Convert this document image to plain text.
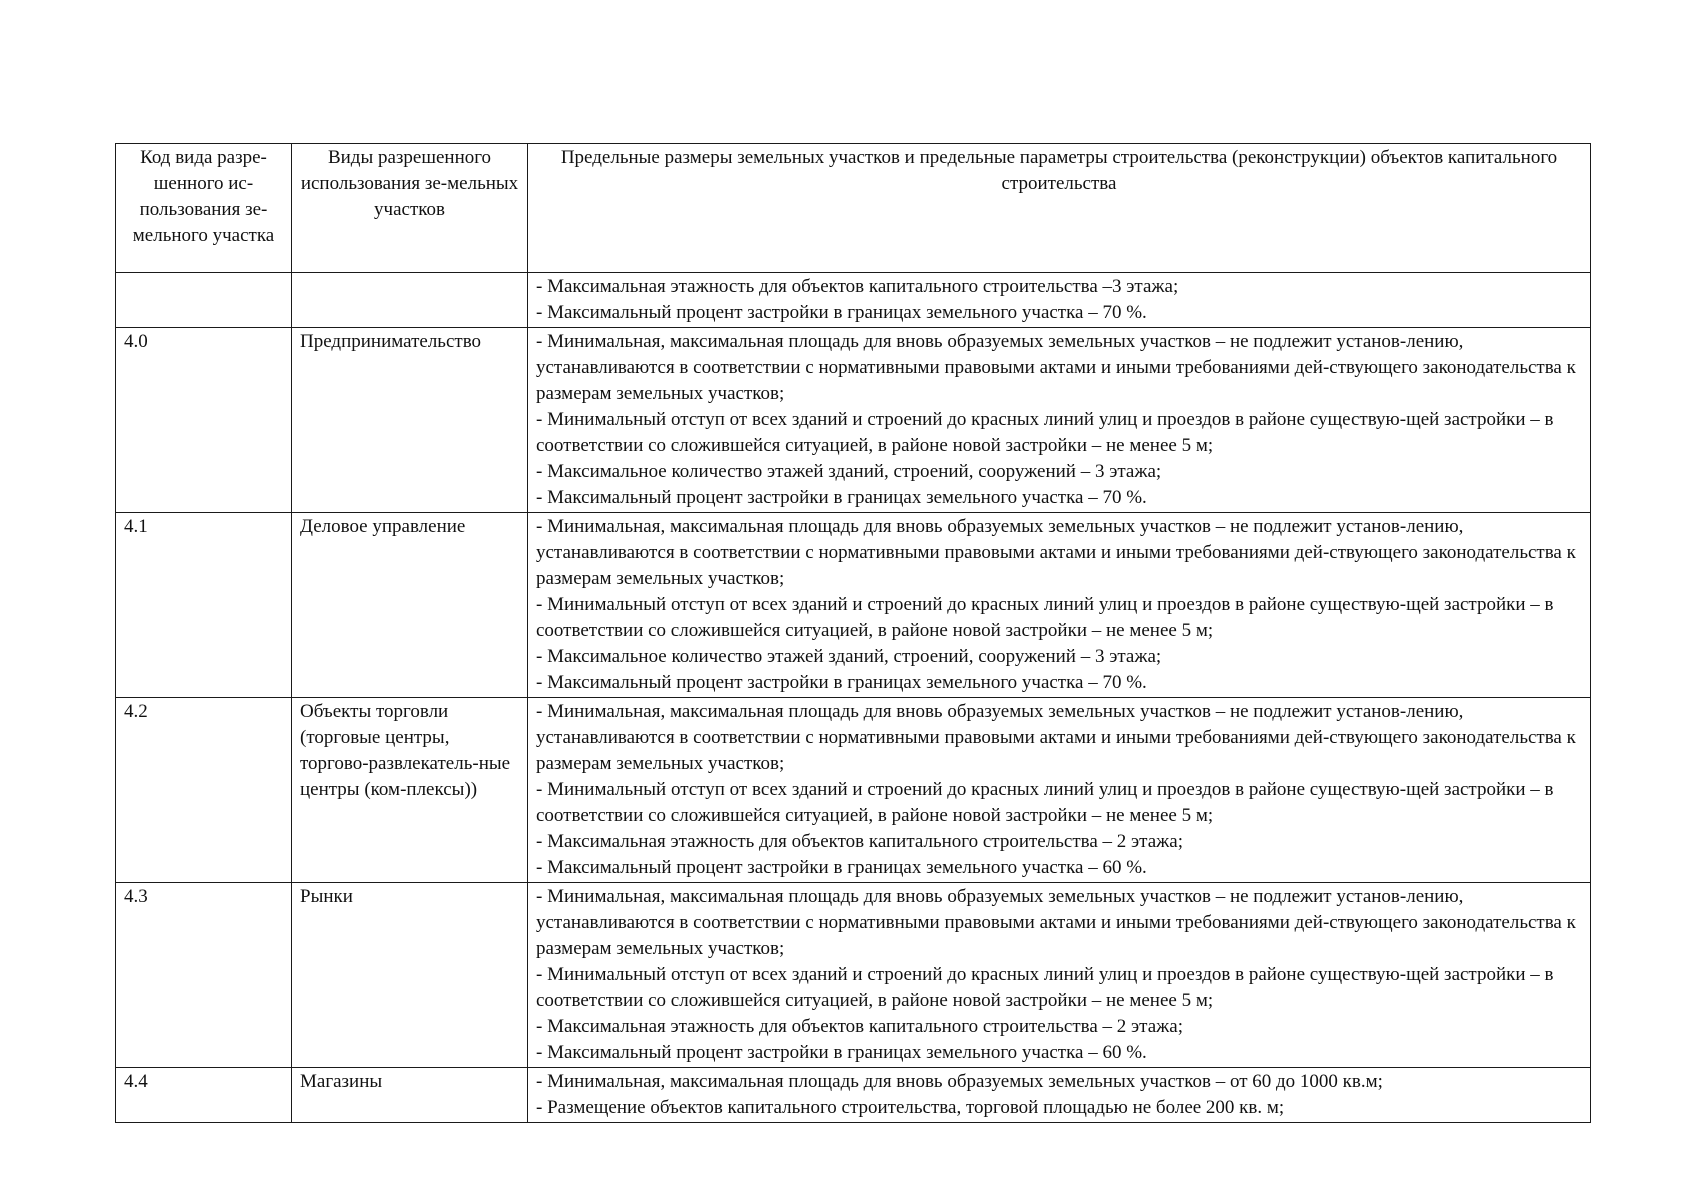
Код вида разре-шенного ис-пользования зе-мельного участка	Виды разрешенного использования зе-мельных участков	Предельные размеры земельных участков и предельные параметры строительства (реконструкции) объектов капитального строительства

		- Максимальная этажность для объектов капитального строительства –3 этажа;
- Максимальный процент застройки в границах земельного участка – 70 %.

4.0	Предпринимательство	- Минимальная, максимальная площадь для вновь образуемых земельных участков – не подлежит установ-лению, устанавливаются в соответствии с нормативными правовыми актами и иными требованиями дей-ствующего законодательства к размерам земельных участков;
- Минимальный отступ от всех зданий и строений до красных линий улиц и проездов в районе существую-щей застройки – в соответствии со сложившейся ситуацией, в районе новой застройки – не менее 5 м;
- Максимальное количество этажей зданий, строений, сооружений – 3 этажа;
- Максимальный процент застройки в границах земельного участка – 70 %.

4.1	Деловое управление	- Минимальная, максимальная площадь для вновь образуемых земельных участков – не подлежит установ-лению, устанавливаются в соответствии с нормативными правовыми актами и иными требованиями дей-ствующего законодательства к размерам земельных участков;
- Минимальный отступ от всех зданий и строений до красных линий улиц и проездов в районе существую-щей застройки – в соответствии со сложившейся ситуацией, в районе новой застройки – не менее 5 м;
- Максимальное количество этажей зданий, строений, сооружений – 3 этажа;
- Максимальный процент застройки в границах земельного участка – 70 %.

4.2	Объекты торговли (торговые центры, торгово-развлекатель-ные центры (ком-плексы))	- Минимальная, максимальная площадь для вновь образуемых земельных участков – не подлежит установ-лению, устанавливаются в соответствии с нормативными правовыми актами и иными требованиями дей-ствующего законодательства к размерам земельных участков;
- Минимальный отступ от всех зданий и строений до красных линий улиц и проездов в районе существую-щей застройки – в соответствии со сложившейся ситуацией, в районе новой застройки – не менее 5 м;
- Максимальная этажность для объектов капитального строительства – 2 этажа;
- Максимальный процент застройки в границах земельного участка – 60 %.

4.3	Рынки	- Минимальная, максимальная площадь для вновь образуемых земельных участков – не подлежит установ-лению, устанавливаются в соответствии с нормативными правовыми актами и иными требованиями дей-ствующего законодательства к размерам земельных участков;
- Минимальный отступ от всех зданий и строений до красных линий улиц и проездов в районе существую-щей застройки – в соответствии со сложившейся ситуацией, в районе новой застройки – не менее 5 м;
- Максимальная этажность для объектов капитального строительства – 2 этажа;
- Максимальный процент застройки в границах земельного участка – 60 %.

4.4	Магазины	- Минимальная, максимальная площадь для вновь образуемых земельных участков – от 60 до 1000 кв.м;
- Размещение объектов капитального строительства, торговой площадью не более 200 кв. м;
